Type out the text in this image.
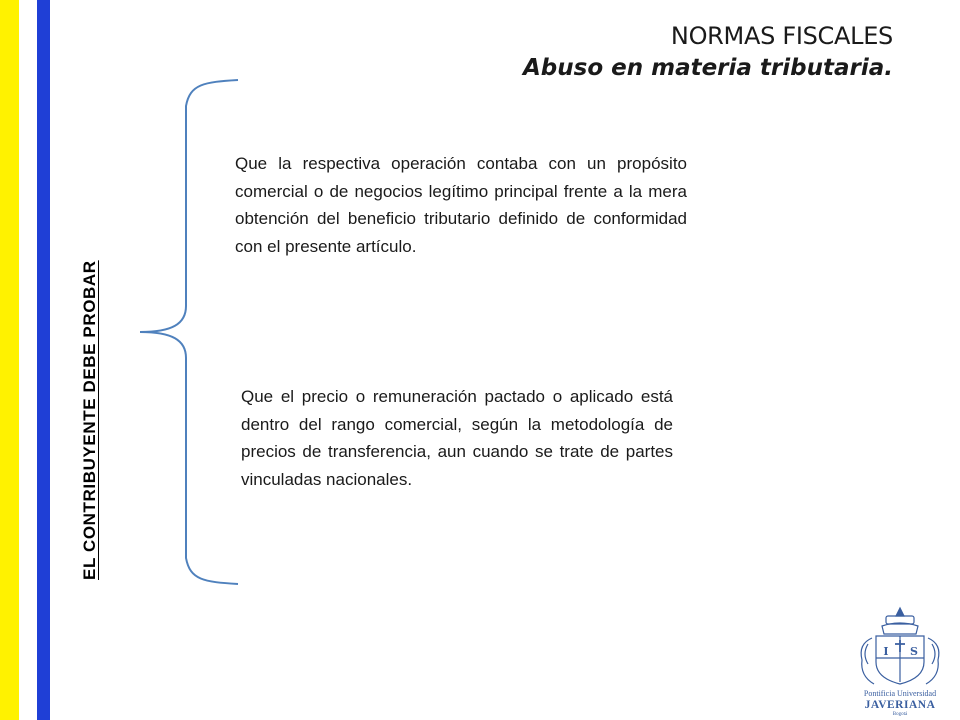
NORMAS FISCALES
Abuso en materia tributaria.
EL CONTRIBUYENTE DEBE PROBAR
Que la respectiva operación contaba con un propósito comercial o de negocios legítimo principal frente a la mera obtención del beneficio tributario definido de conformidad con el presente artículo.
Que el precio o remuneración pactado o aplicado está dentro del rango comercial, según la metodología de precios de transferencia, aun cuando se trate de partes vinculadas nacionales.
I S
Pontificia Universidad
JAVERIANA
Bogotá
